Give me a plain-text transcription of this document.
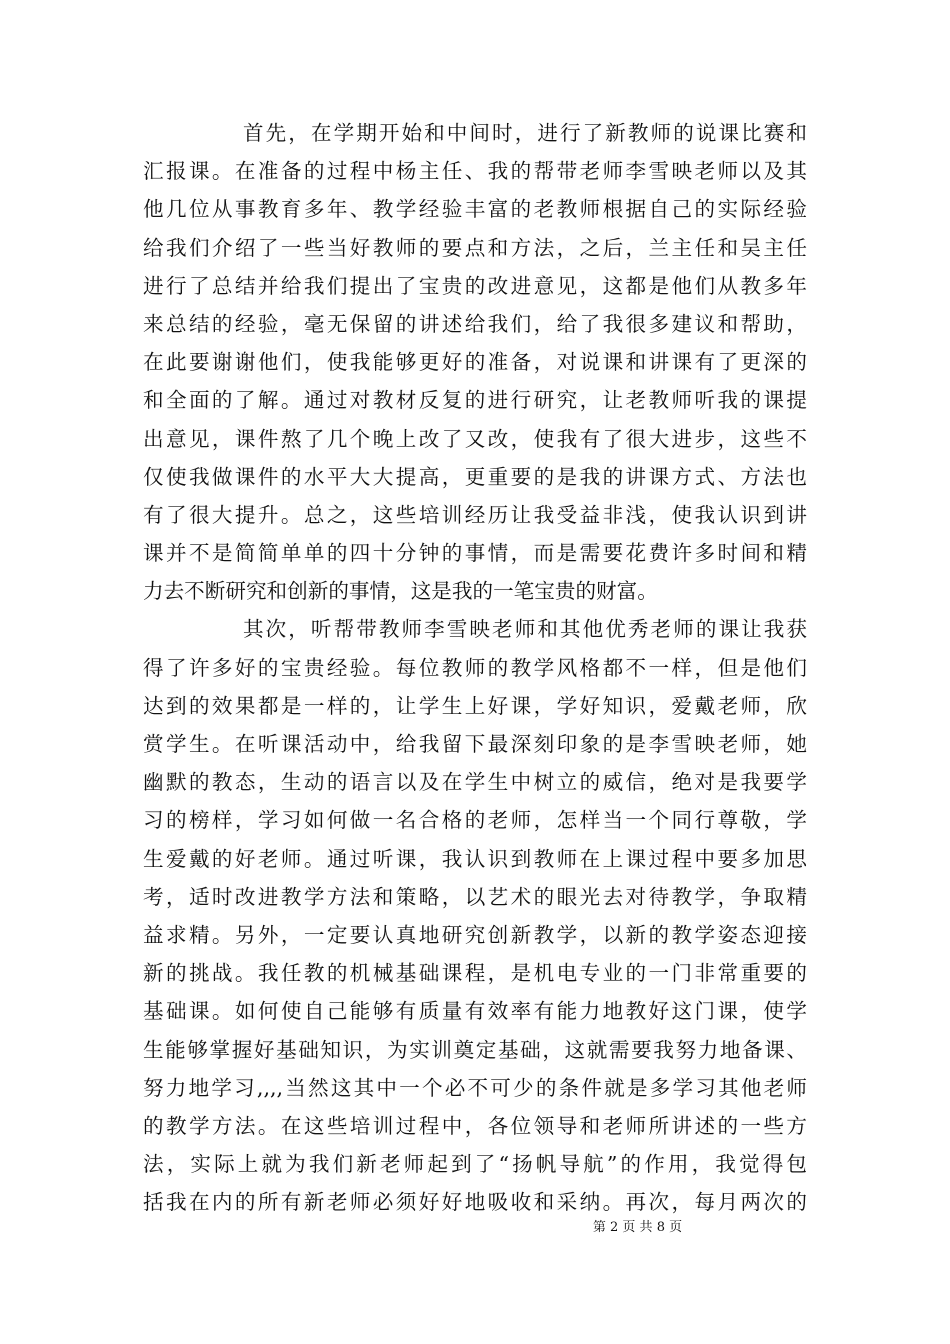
首先，在学期开始和中间时，进行了新教师的说课比赛和
汇报课。在准备的过程中杨主任、我的帮带老师李雪映老师以及其
他几位从事教育多年、教学经验丰富的老教师根据自己的实际经验
给我们介绍了一些当好教师的要点和方法，之后，兰主任和吴主任
进行了总结并给我们提出了宝贵的改进意见，这都是他们从教多年
来总结的经验，毫无保留的讲述给我们，给了我很多建议和帮助，
在此要谢谢他们，使我能够更好的准备，对说课和讲课有了更深的
和全面的了解。通过对教材反复的进行研究，让老教师听我的课提
出意见，课件熬了几个晚上改了又改，使我有了很大进步，这些不
仅使我做课件的水平大大提高，更重要的是我的讲课方式、方法也
有了很大提升。总之，这些培训经历让我受益非浅，使我认识到讲
课并不是简简单单的四十分钟的事情，而是需要花费许多时间和精
力去不断研究和创新的事情，这是我的一笔宝贵的财富。
其次，听帮带教师李雪映老师和其他优秀老师的课让我获
得了许多好的宝贵经验。每位教师的教学风格都不一样，但是他们
达到的效果都是一样的，让学生上好课，学好知识，爱戴老师，欣
赏学生。在听课活动中，给我留下最深刻印象的是李雪映老师，她
幽默的教态，生动的语言以及在学生中树立的威信，绝对是我要学
习的榜样，学习如何做一名合格的老师，怎样当一个同行尊敬，学
生爱戴的好老师。通过听课，我认识到教师在上课过程中要多加思
考，适时改进教学方法和策略，以艺术的眼光去对待教学，争取精
益求精。另外，一定要认真地研究创新教学，以新的教学姿态迎接
新的挑战。我任教的机械基础课程，是机电专业的一门非常重要的
基础课。如何使自己能够有质量有效率有能力地教好这门课，使学
生能够掌握好基础知识，为实训奠定基础，这就需要我努力地备课、
努力地学习,,,,当然这其中一个必不可少的条件就是多学习其他老师
的教学方法。在这些培训过程中，各位领导和老师所讲述的一些方
法，实际上就为我们新老师起到了“扬帆导航”的作用，我觉得包
括我在内的所有新老师必须好好地吸收和采纳。再次，每月两次的
第 2 页 共 8 页
